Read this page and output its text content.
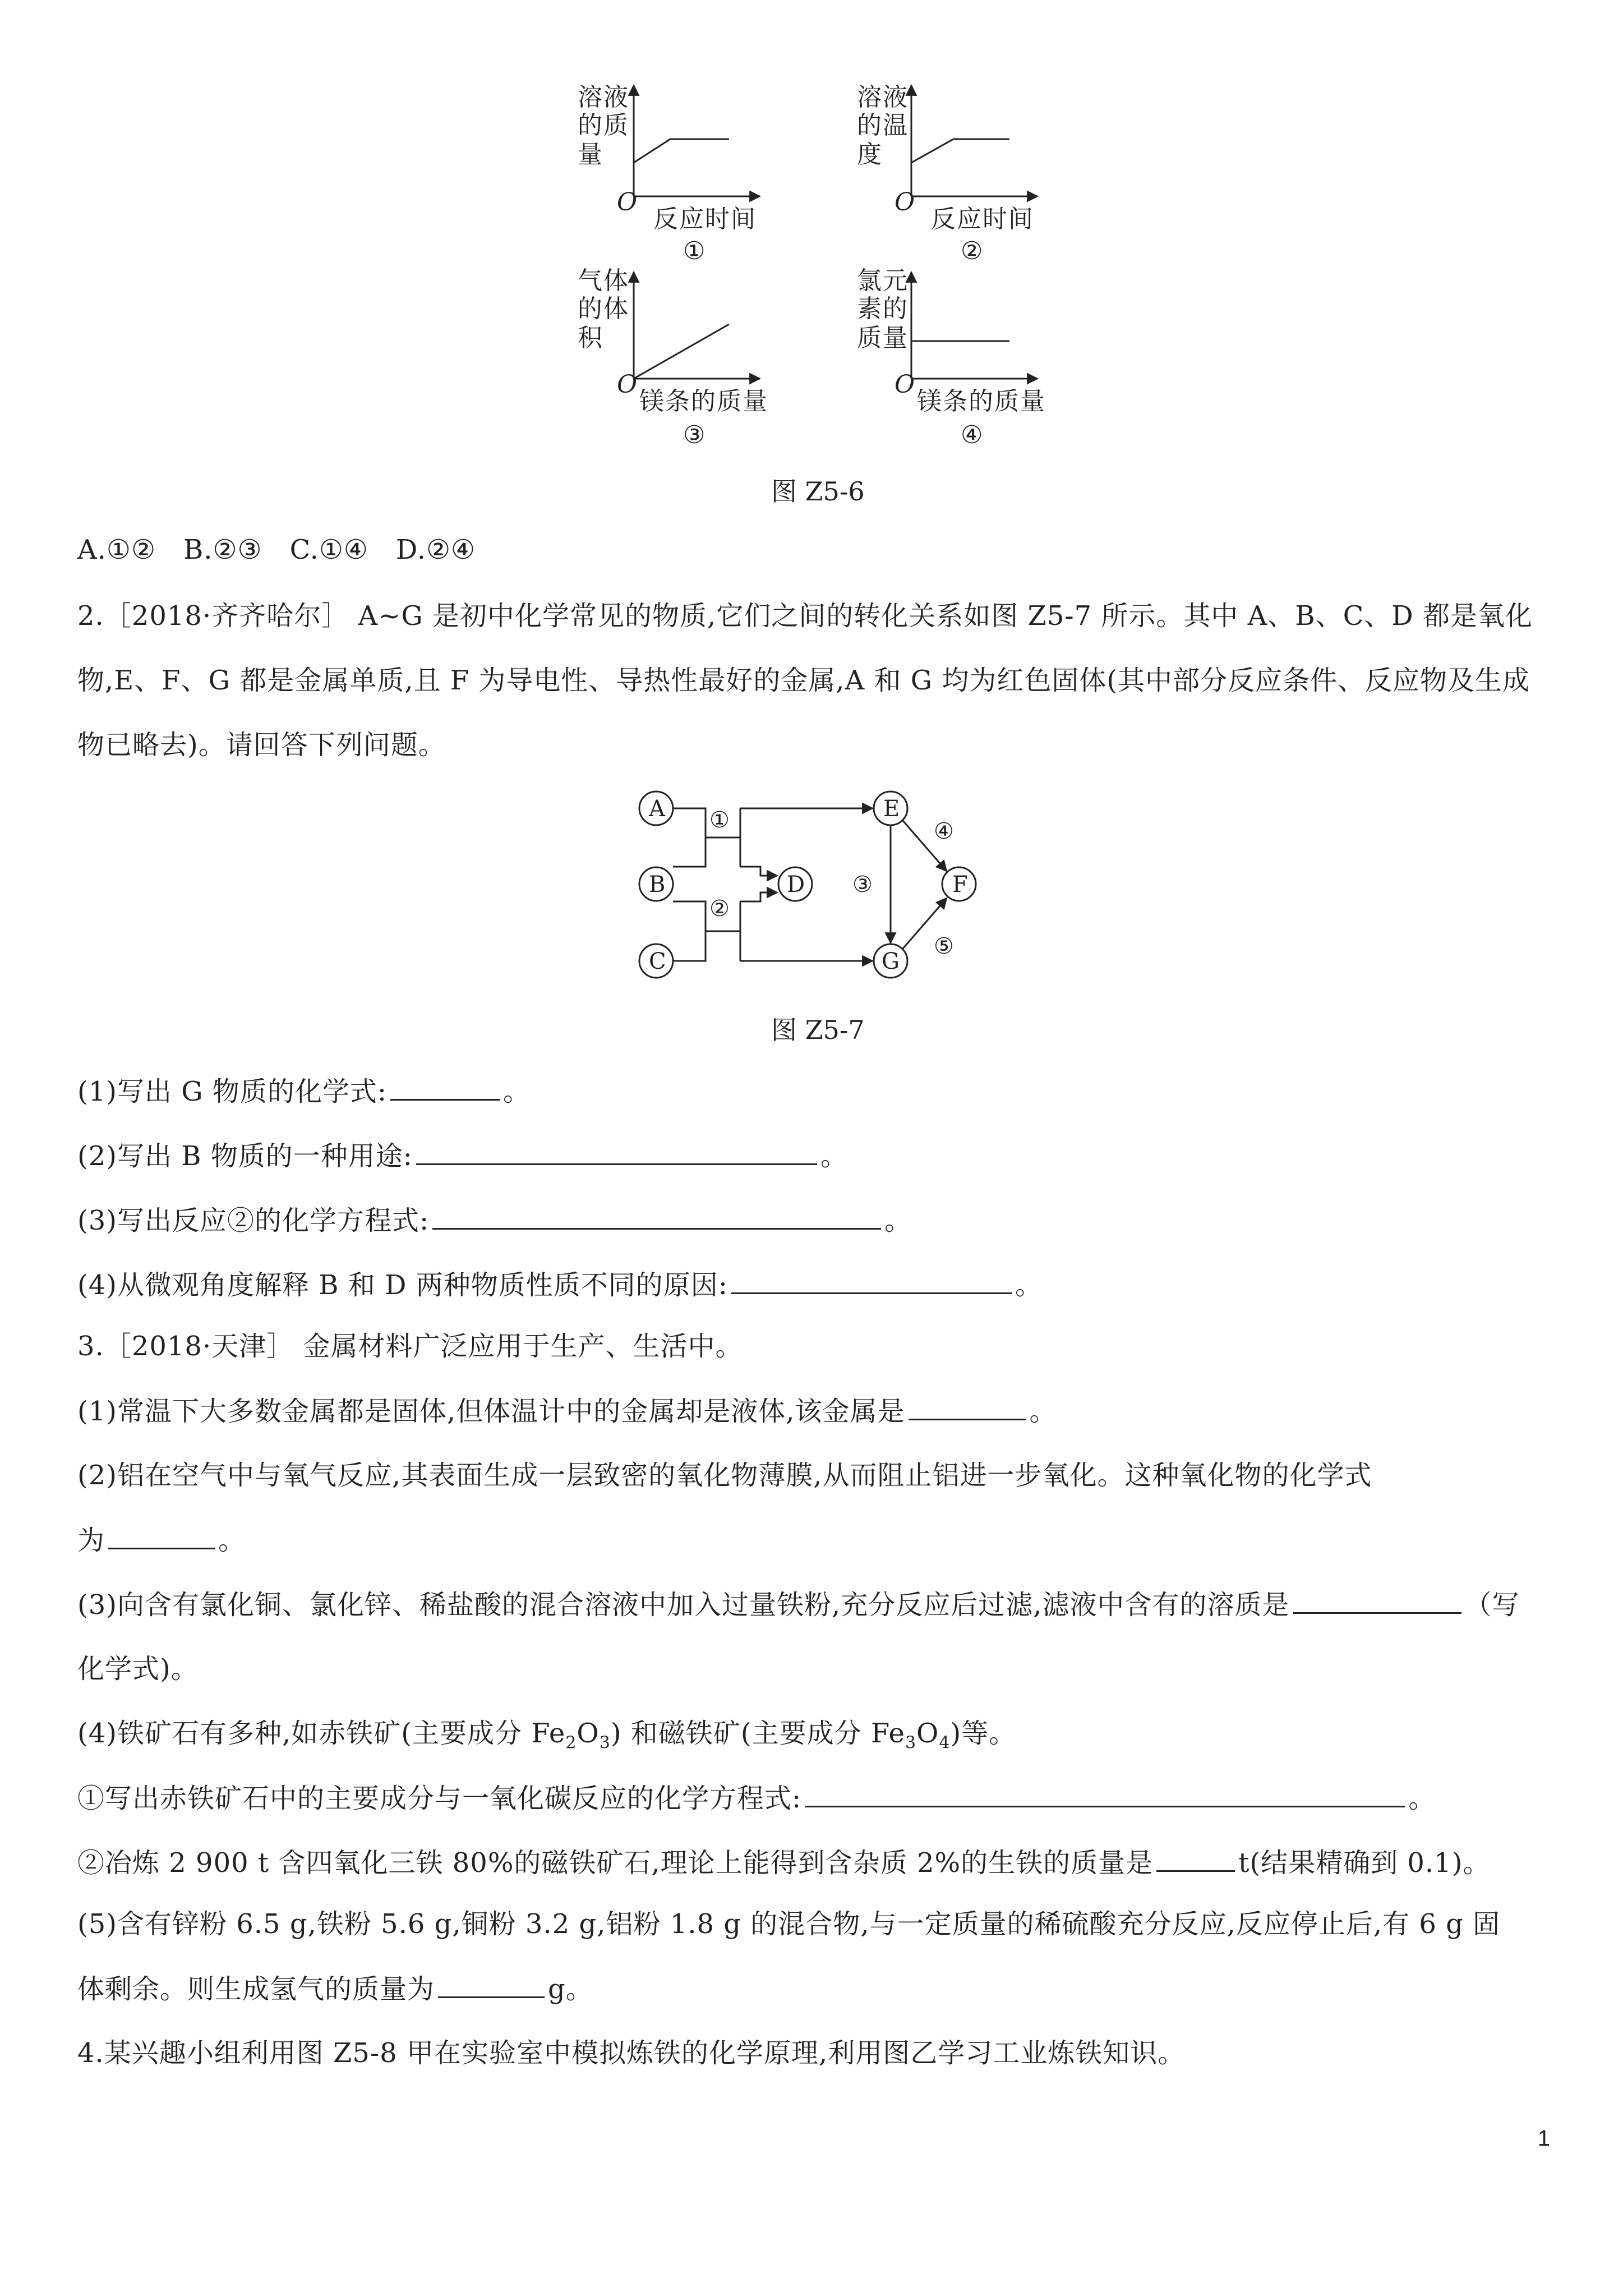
溶液
的质
量
O
反应时间
①
溶液
的温
度
O
反应时间
②
气体
的体
积
O
镁条的质量
③
氯元
素的
质量
O
镁条的质量
④
图 Z5-6
A.①②　B.②③　C.①④　D.②④
2.［2018·齐齐哈尔］ A~G 是初中化学常见的物质,它们之间的转化关系如图 Z5-7 所示。其中 A、B、C、D 都是氧化
物,E、F、G 都是金属单质,且 F 为导电性、导热性最好的金属,A 和 G 均为红色固体(其中部分反应条件、反应物及生成
物已略去)。请回答下列问题。
A
B
C
D
E
F
G
①
②
③
④
⑤
图 Z5-7
(1)写出 G 物质的化学式:	。
(2)写出 B 物质的一种用途:	。
(3)写出反应②的化学方程式:	。
(4)从微观角度解释 B 和 D 两种物质性质不同的原因:	。
3.［2018·天津］ 金属材料广泛应用于生产、生活中。
(1)常温下大多数金属都是固体,但体温计中的金属却是液体,该金属是	。
(2)铝在空气中与氧气反应,其表面生成一层致密的氧化物薄膜,从而阻止铝进一步氧化。这种氧化物的化学式
为	。
(3)向含有氯化铜、氯化锌、稀盐酸的混合溶液中加入过量铁粉,充分反应后过滤,滤液中含有的溶质是	（写
化学式)。
(4)铁矿石有多种,如赤铁矿(主要成分 $Fe_2O_3$) 和磁铁矿(主要成分 $Fe_3O_4$)等。
①写出赤铁矿石中的主要成分与一氧化碳反应的化学方程式:	。
②冶炼 2 900 t 含四氧化三铁 80%的磁铁矿石,理论上能得到含杂质 2%的生铁的质量是	t(结果精确到 0.1)。
(5)含有锌粉 6.5 g,铁粉 5.6 g,铜粉 3.2 g,铝粉 1.8 g 的混合物,与一定质量的稀硫酸充分反应,反应停止后,有 6 g 固
体剩余。则生成氢气的质量为	g。
4.某兴趣小组利用图 Z5-8 甲在实验室中模拟炼铁的化学原理,利用图乙学习工业炼铁知识。
1
